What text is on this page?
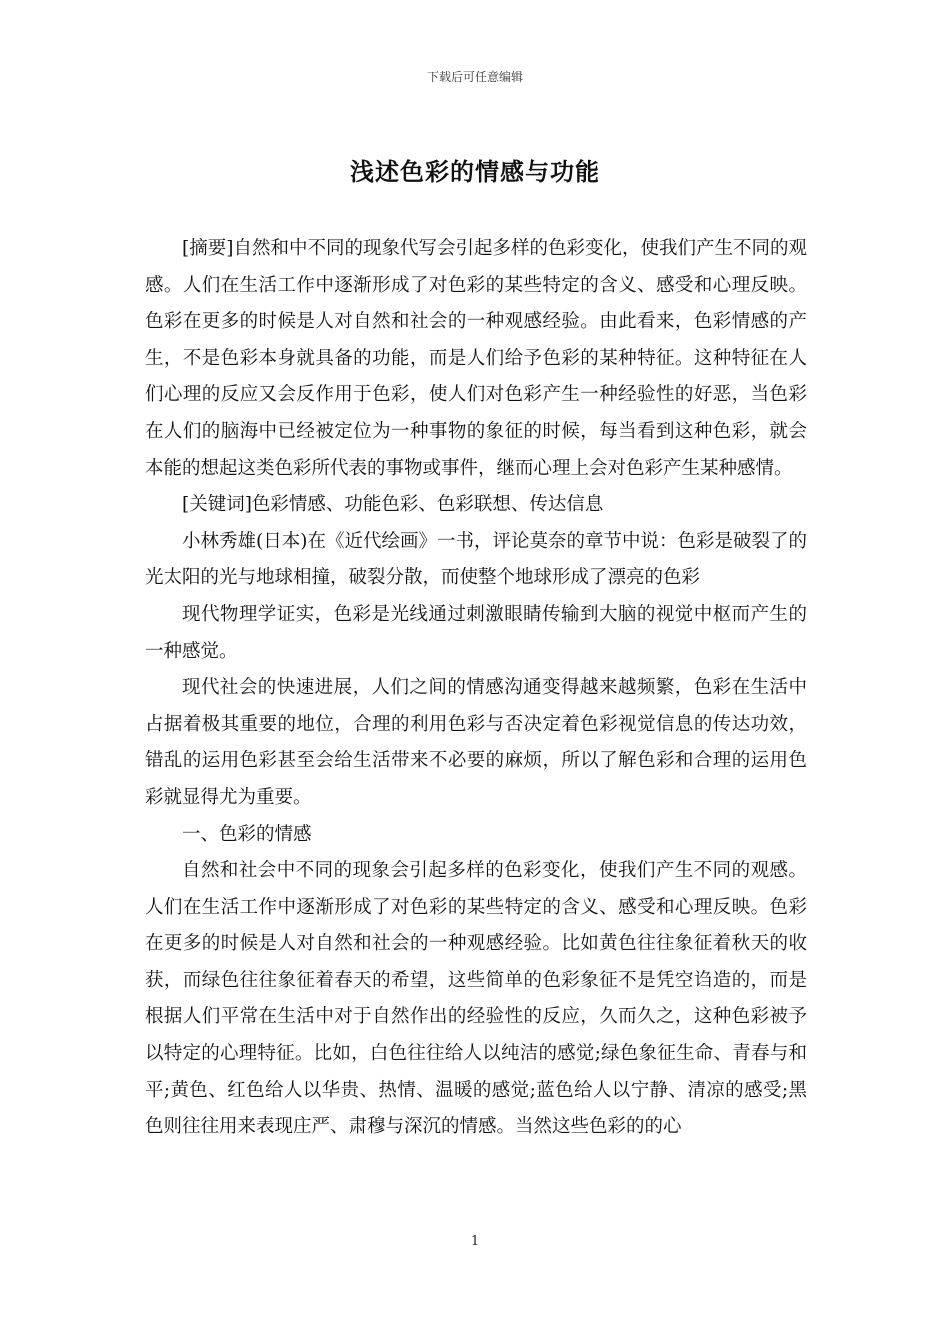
下载后可任意编辑
浅述色彩的情感与功能

[摘要]自然和中不同的现象代写会引起多样的色彩变化，使我们产生不同的观感。人们在生活工作中逐渐形成了对色彩的某些特定的含义、感受和心理反映。色彩在更多的时候是人对自然和社会的一种观感经验。由此看来，色彩情感的产生，不是色彩本身就具备的功能，而是人们给予色彩的某种特征。这种特征在人们心理的反应又会反作用于色彩，使人们对色彩产生一种经验性的好恶，当色彩在人们的脑海中已经被定位为一种事物的象征的时候，每当看到这种色彩，就会本能的想起这类色彩所代表的事物或事件，继而心理上会对色彩产生某种感情。

[关键词]色彩情感、功能色彩、色彩联想、传达信息

小林秀雄(日本)在《近代绘画》一书，评论莫奈的章节中说：色彩是破裂了的光太阳的光与地球相撞，破裂分散，而使整个地球形成了漂亮的色彩

现代物理学证实，色彩是光线通过刺激眼睛传输到大脑的视觉中枢而产生的一种感觉。

现代社会的快速进展，人们之间的情感沟通变得越来越频繁，色彩在生活中占据着极其重要的地位，合理的利用色彩与否决定着色彩视觉信息的传达功效，错乱的运用色彩甚至会给生活带来不必要的麻烦，所以了解色彩和合理的运用色彩就显得尤为重要。

一、色彩的情感

自然和社会中不同的现象会引起多样的色彩变化，使我们产生不同的观感。人们在生活工作中逐渐形成了对色彩的某些特定的含义、感受和心理反映。色彩在更多的时候是人对自然和社会的一种观感经验。比如黄色往往象征着秋天的收获，而绿色往往象征着春天的希望，这些简单的色彩象征不是凭空诌造的，而是根据人们平常在生活中对于自然作出的经验性的反应，久而久之，这种色彩被予以特定的心理特征。比如，白色往往给人以纯洁的感觉;绿色象征生命、青春与和平;黄色、红色给人以华贵、热情、温暖的感觉;蓝色给人以宁静、清凉的感受;黑色则往往用来表现庄严、肃穆与深沉的情感。当然这些色彩的的心

1
